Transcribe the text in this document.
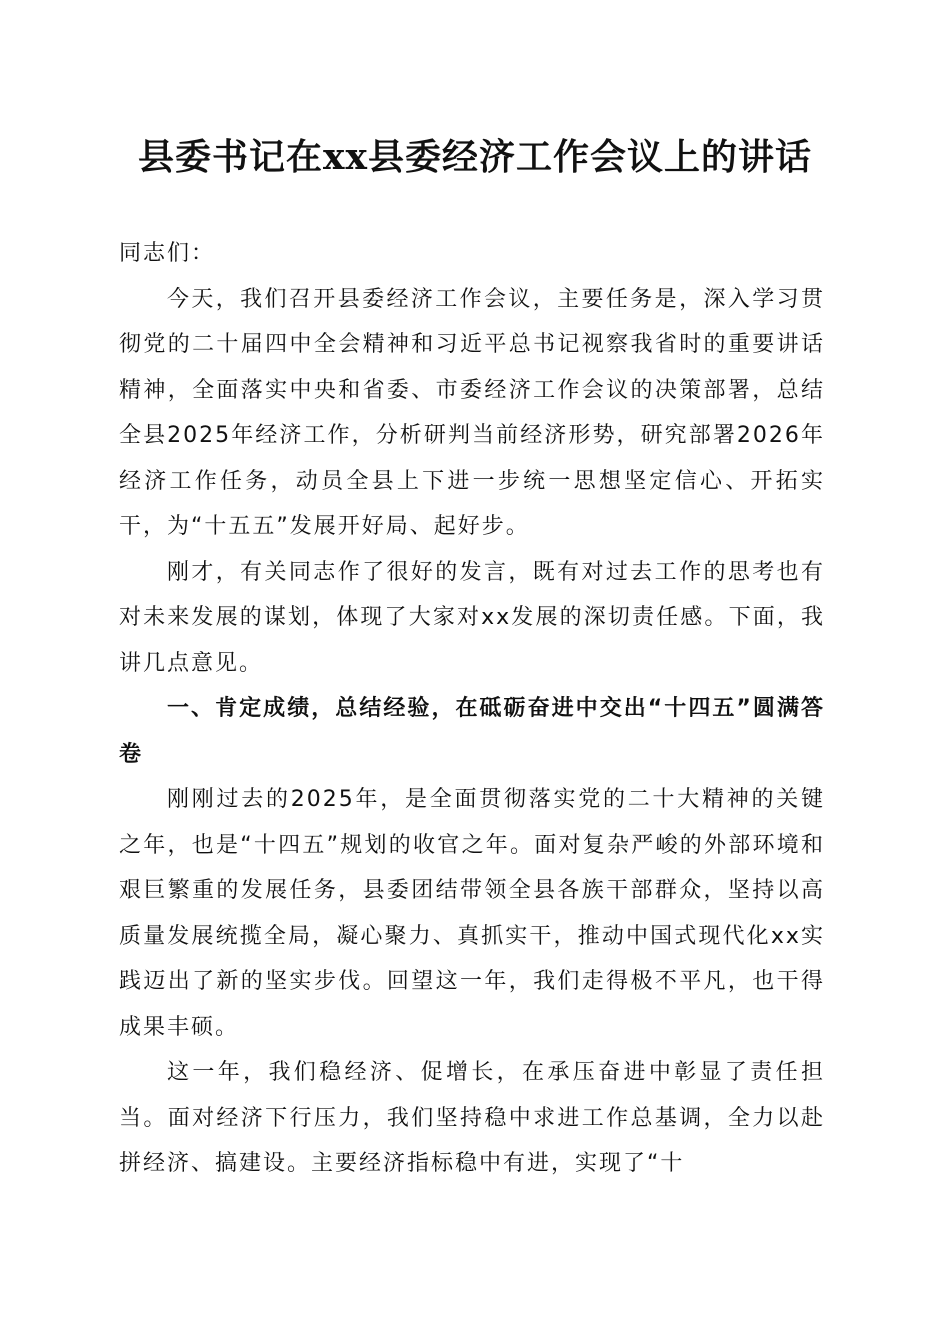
县委书记在xx县委经济工作会议上的讲话

同志们：

今天，我们召开县委经济工作会议，主要任务是，深入学习贯彻党的二十届四中全会精神和习近平总书记视察我省时的重要讲话精神，全面落实中央和省委、市委经济工作会议的决策部署，总结全县2025年经济工作，分析研判当前经济形势，研究部署2026年经济工作任务，动员全县上下进一步统一思想坚定信心、开拓实干，为“十五五”发展开好局、起好步。

刚才，有关同志作了很好的发言，既有对过去工作的思考也有对未来发展的谋划，体现了大家对xx发展的深切责任感。下面，我讲几点意见。

一、肯定成绩，总结经验，在砥砺奋进中交出“十四五”圆满答卷

刚刚过去的2025年，是全面贯彻落实党的二十大精神的关键之年，也是“十四五”规划的收官之年。面对复杂严峻的外部环境和艰巨繁重的发展任务，县委团结带领全县各族干部群众，坚持以高质量发展统揽全局，凝心聚力、真抓实干，推动中国式现代化xx实践迈出了新的坚实步伐。回望这一年，我们走得极不平凡，也干得成果丰硕。

这一年，我们稳经济、促增长，在承压奋进中彰显了责任担当。面对经济下行压力，我们坚持稳中求进工作总基调，全力以赴拼经济、搞建设。主要经济指标稳中有进，实现了“十
